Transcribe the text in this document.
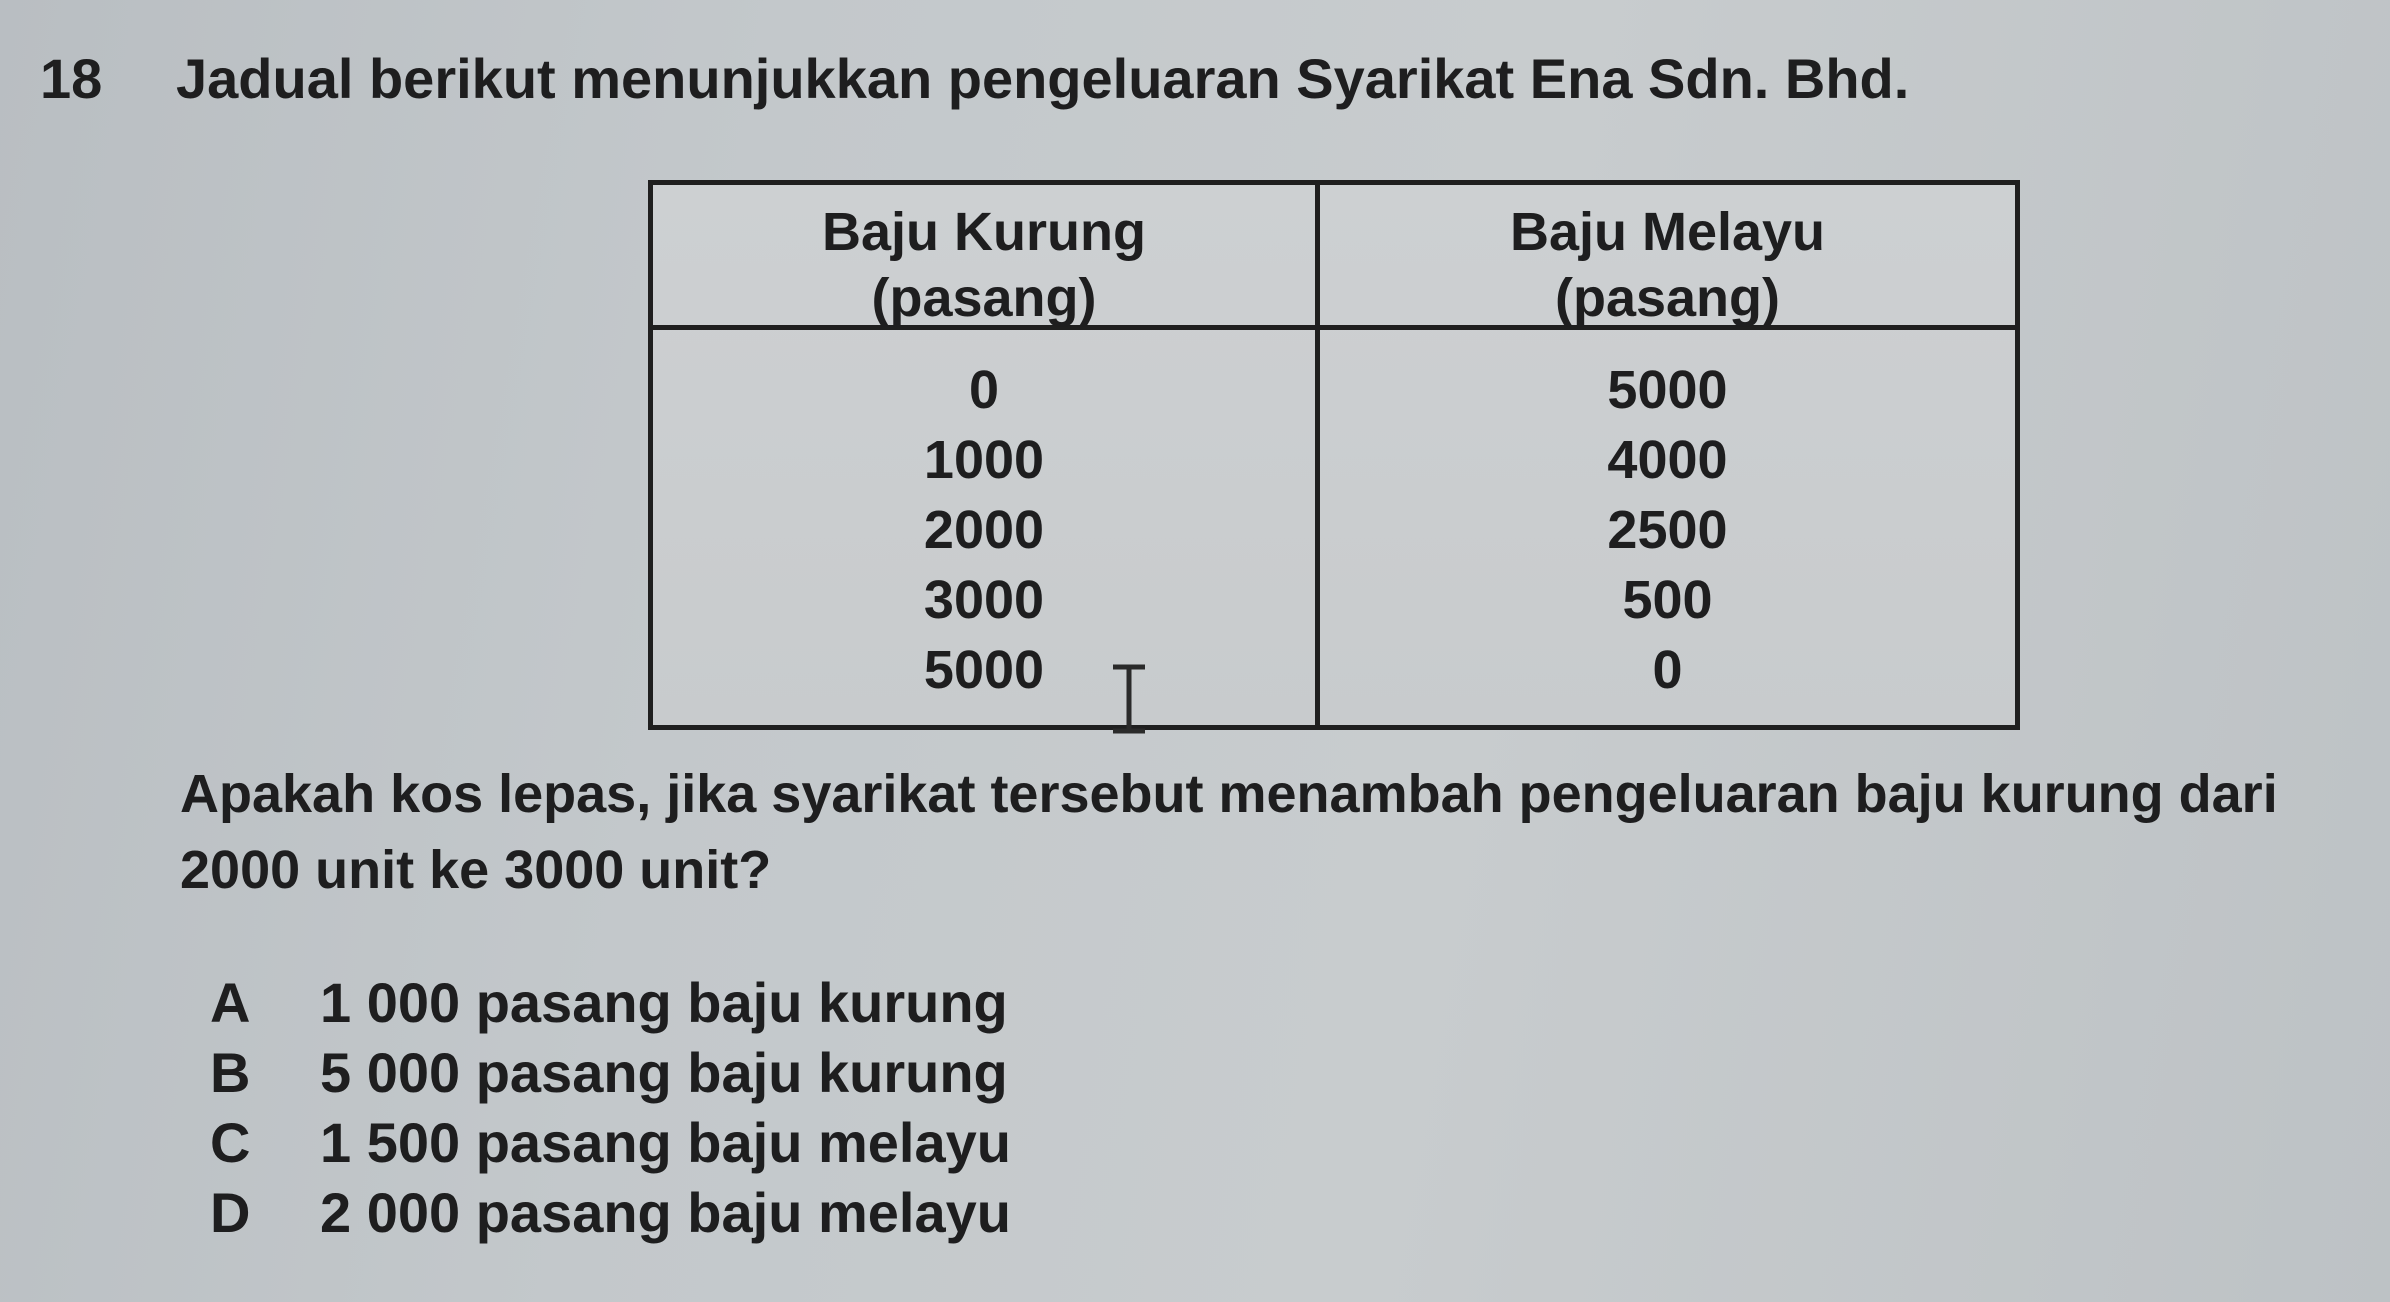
18 Jadual berikut menunjukkan pengeluaran Syarikat Ena Sdn. Bhd.
Baju Kurung
(pasang)
Baju Melayu
(pasang)
0
1000
2000
3000
5000
5000
4000
2500
500
0
Apakah kos lepas, jika syarikat tersebut menambah pengeluaran baju kurung dari
2000 unit ke 3000 unit?
A 1 000 pasang baju kurung
B 5 000 pasang baju kurung
C 1 500 pasang baju melayu
D 2 000 pasang baju melayu
